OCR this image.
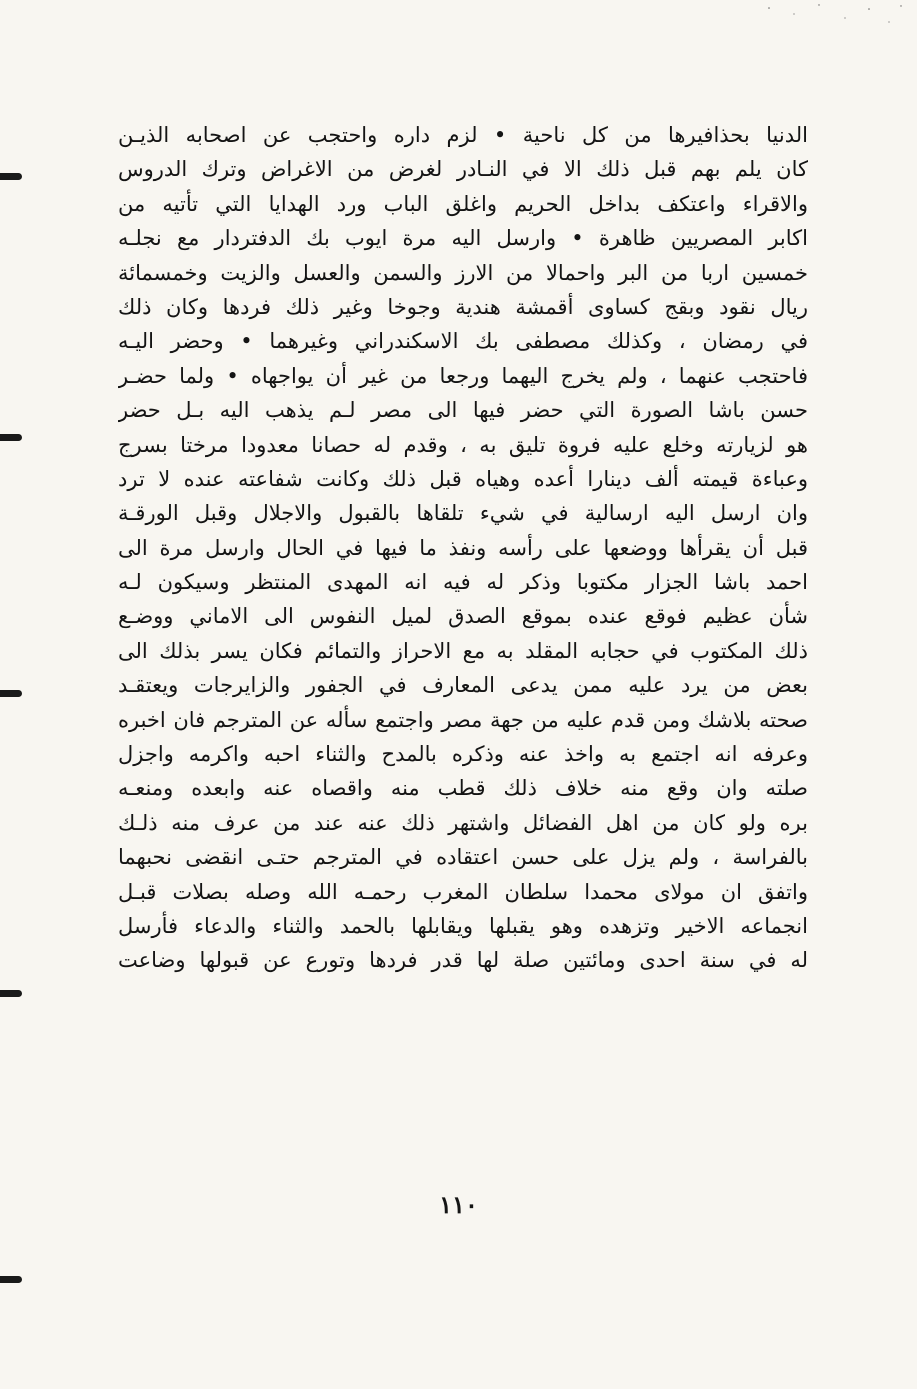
الدنيا بحذافيرها من كل ناحية • لزم داره واحتجب عن اصحابه الذيـن
كان يلم بهم قبل ذلك الا في النـادر لغرض من الاغراض وترك الدروس
والاقراء واعتكف بداخل الحريم واغلق الباب ورد الهدايا التي تأتيه من
اكابر المصريين ظاهرة • وارسل اليه مرة ايوب بك الدفتردار مع نجلـه
خمسين اربا من البر واحمالا من الارز والسمن والعسل والزيت وخمسمائة
ريال نقود وبقج كساوى أقمشة هندية وجوخا وغير ذلك فردها وكان ذلك
في رمضان ، وكذلك مصطفى بك الاسكندراني وغيرهما • وحضر اليـه
فاحتجب عنهما ، ولم يخرج اليهما ورجعا من غير أن يواجهاه • ولما حضـر
حسن باشا الصورة التي حضر فيها الى مصر لـم يذهب اليه بـل حضر
هو لزيارته وخلع عليه فروة تليق به ، وقدم له حصانا معدودا مرختا بسرج
وعباءة قيمته ألف دينارا أعده وهياه قبل ذلك وكانت شفاعته عنده لا ترد
وان ارسل اليه ارسالية في شيء تلقاها بالقبول والاجلال وقبل الورقـة
قبل أن يقرأها ووضعها على رأسه ونفذ ما فيها في الحال وارسل مرة الى
احمد باشا الجزار مكتوبا وذكر له فيه انه المهدى المنتظر وسيكون لـه
شأن عظيم فوقع عنده بموقع الصدق لميل النفوس الى الاماني ووضـع
ذلك المكتوب في حجابه المقلد به مع الاحراز والتمائم فكان يسر بذلك الى
بعض من يرد عليه ممن يدعى المعارف في الجفور والزايرجات ويعتقـد
صحته بلاشك ومن قدم عليه من جهة مصر واجتمع سأله عن المترجم فان اخبره
وعرفه انه اجتمع به واخذ عنه وذكره بالمدح والثناء احبه واكرمه واجزل
صلته وان وقع منه خلاف ذلك قطب منه واقصاه عنه وابعده ومنعـه
بره ولو كان من اهل الفضائل واشتهر ذلك عنه عند من عرف منه ذلـك
بالفراسة ، ولم يزل على حسن اعتقاده في المترجم حتـى انقضى نحبهما
واتفق ان مولاى محمدا سلطان المغرب رحمـه الله وصله بصلات قبـل
انجماعه الاخير وتزهده وهو يقبلها ويقابلها بالحمد والثناء والدعاء فأرسل
له في سنة احدى ومائتين صلة لها قدر فردها وتورع عن قبولها وضاعت
١١٠
